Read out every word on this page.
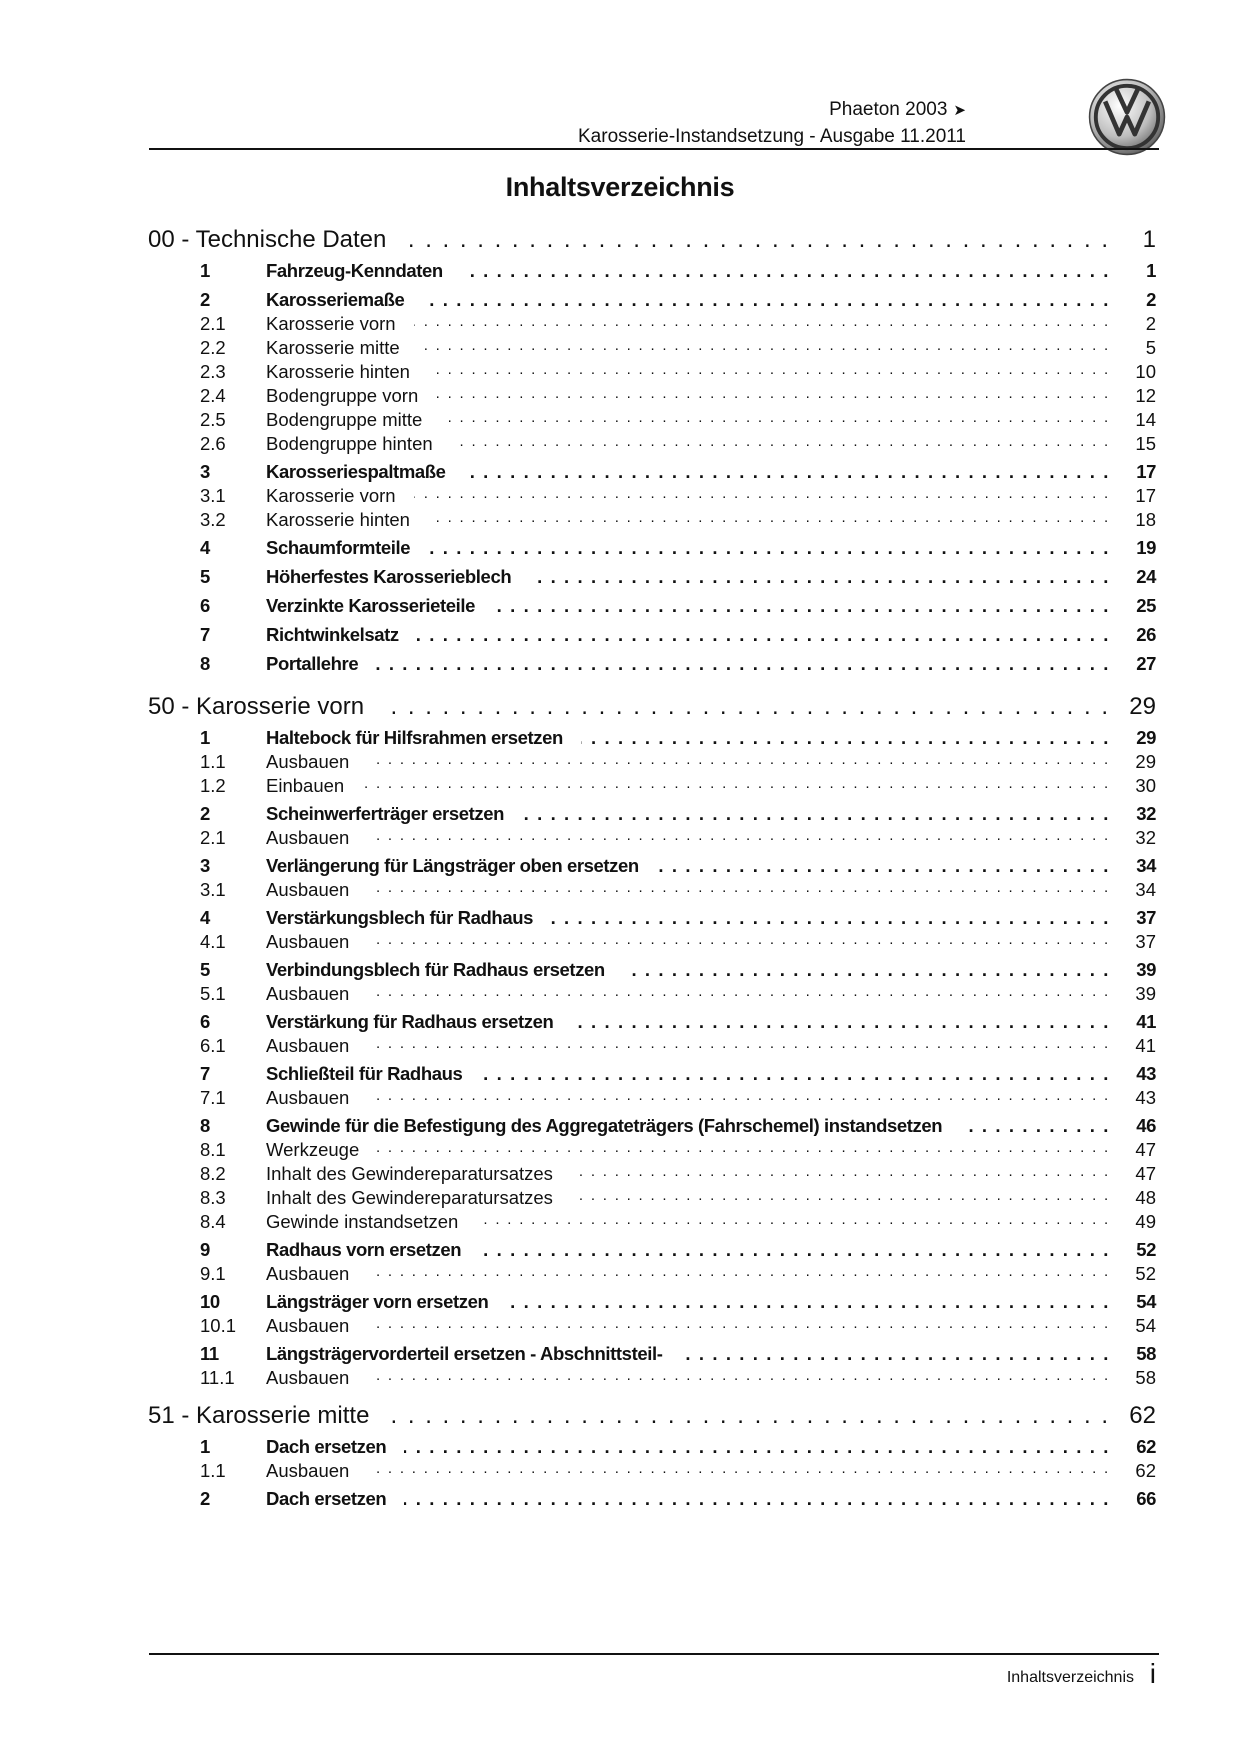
Phaeton 2003 ➤
Karosserie-Instandsetzung - Ausgabe 11.2011
Inhaltsverzeichnis
00 - Technische Daten . . .	1
1	Fahrzeug-Kenndaten . . .	1
2	Karosseriemaße . . .	2
2.1 Karosserie vorn . . .	2
2.2 Karosserie mitte . . .	5
2.3 Karosserie hinten . . .	10
2.4 Bodengruppe vorn . . .	12
2.5 Bodengruppe mitte . . .	14
2.6 Bodengruppe hinten . . .	15
3	Karosseriespaltmaße . . .	17
3.1 Karosserie vorn . . .	17
3.2 Karosserie hinten . . .	18
4	Schaumformteile . . .	19
5	Höherfestes Karosserieblech . . .	24
6	Verzinkte Karosserieteile . . .	25
7	Richtwinkelsatz . . .	26
8	Portallehre . . .	27
50 - Karosserie vorn . . .	29
1	Haltebock für Hilfsrahmen ersetzen . . .	29
1.1 Ausbauen . . .	29
1.2 Einbauen . . .	30
2	Scheinwerferträger ersetzen . . .	32
2.1 Ausbauen . . .	32
3	Verlängerung für Längsträger oben ersetzen . . .	34
3.1 Ausbauen . . .	34
4	Verstärkungsblech für Radhaus . . .	37
4.1 Ausbauen . . .	37
5	Verbindungsblech für Radhaus ersetzen . . .	39
5.1 Ausbauen . . .	39
6	Verstärkung für Radhaus ersetzen . . .	41
6.1 Ausbauen . . .	41
7	Schließteil für Radhaus . . .	43
7.1 Ausbauen . . .	43
8	Gewinde für die Befestigung des Aggregateträgers (Fahrschemel) instandsetzen . . .	46
8.1 Werkzeuge . . .	47
8.2 Inhalt des Gewindereparatursatzes . . .	47
8.3 Inhalt des Gewindereparatursatzes . . .	48
8.4 Gewinde instandsetzen . . .	49
9	Radhaus vorn ersetzen . . .	52
9.1 Ausbauen . . .	52
10 Längsträger vorn ersetzen . . .	54
10.1 Ausbauen . . .	54
11	Längsträgervorderteil ersetzen - Abschnittsteil- . . .	58
11.1 Ausbauen . . .	58
51 - Karosserie mitte . . .	62
1	Dach ersetzen . . .	62
1.1 Ausbauen . . .	62
2	Dach ersetzen . . .	66
Inhaltsverzeichnis i
